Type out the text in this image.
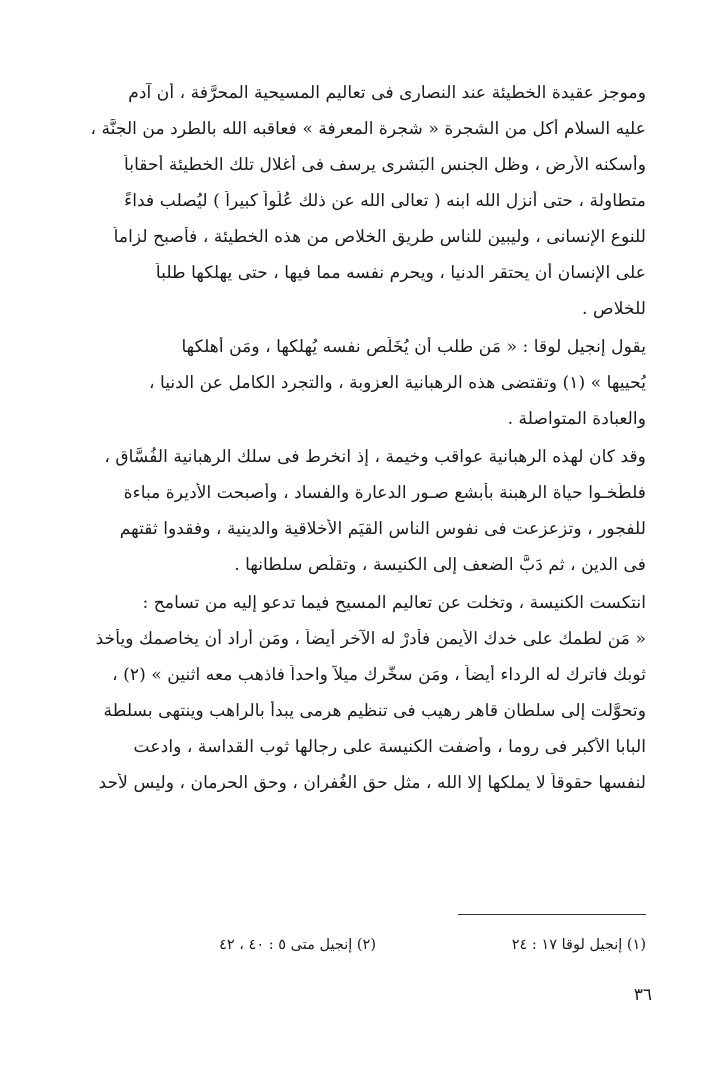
وموجز عقيدة الخطيئة عند النصارى فى تعاليم المسيحية المحرَّفة ، أن آدم
عليه السلام أكل من الشجرة « شجرة المعرفة » فعاقبه الله بالطرد من الجنَّة ،
وأسكنه الأرض ، وظل الجنس البَشرى يرسف فى أغلال تلك الخطيئة أحقاباً
متطاولة ، حتى أنزل الله ابنه ( تعالى الله عن ذلك عُلُواً كبيراً ) ليُصلب فداءً
للنوع الإنسانى ، وليبين للناس طريق الخلاص من هذه الخطيئة ، فأصبح لزاماً
على الإنسان أن يحتقر الدنيا ، ويحرم نفسه مما فيها ، حتى يهلكها طلباً
للخلاص .
يقول إنجيل لوقا : « مَن طلب أن يُخَلِّص نفسه يُهلكها ، ومَن أهلكها
يُحييها » (١) وتقتضى هذه الرهبانية العزوبة ، والتجرد الكامل عن الدنيا ،
والعبادة المتواصلة .
وقد كان لهذه الرهبانية عواقب وخيمة ، إذ انخرط فى سلك الرهبانية الفُسَّاق ،
فلطَّخـوا حياة الرهبنة بأبشع صـور الدعارة والفساد ، وأصبحت الأديرة مباءة
للفجور ، وتزعزعت فى نفوس الناس القيَم الأخلاقية والدينية ، وفقدوا ثقتهم
فى الدين ، ثم دَبَّ الضعف إلى الكنيسة ، وتقلَّص سلطانها .
انتكست الكنيسة ، وتخلت عن تعاليم المسيح فيما تدعو إليه من تسامح :
« مَن لطمك على خدك الأيمن فأدرْ له الآخر أيضاً ، ومَن أراد أن يخاصمك ويأخذ
ثوبك فاترك له الرداء أيضاً ، ومَن سخَّرك ميلاً واحداً فاذهب معه اثنين » (٢) ،
وتحوَّلت إلى سلطان قاهر رهيب فى تنظيم هرمى يبدأ بالراهب وينتهى بسلطة
البابا الأكبر فى روما ، وأضفت الكنيسة على رجالها ثوب القداسة ، وادعت
لنفسها حقوقاً لا يملكها إلا الله ، مثل حق الغُفران ، وحق الحرمان ، وليس لأحد
(١) إنجيل لوقا ١٧ : ٢٤
(٢) إنجيل متى ٥ : ٤٠ ، ٤٢
٣٦
